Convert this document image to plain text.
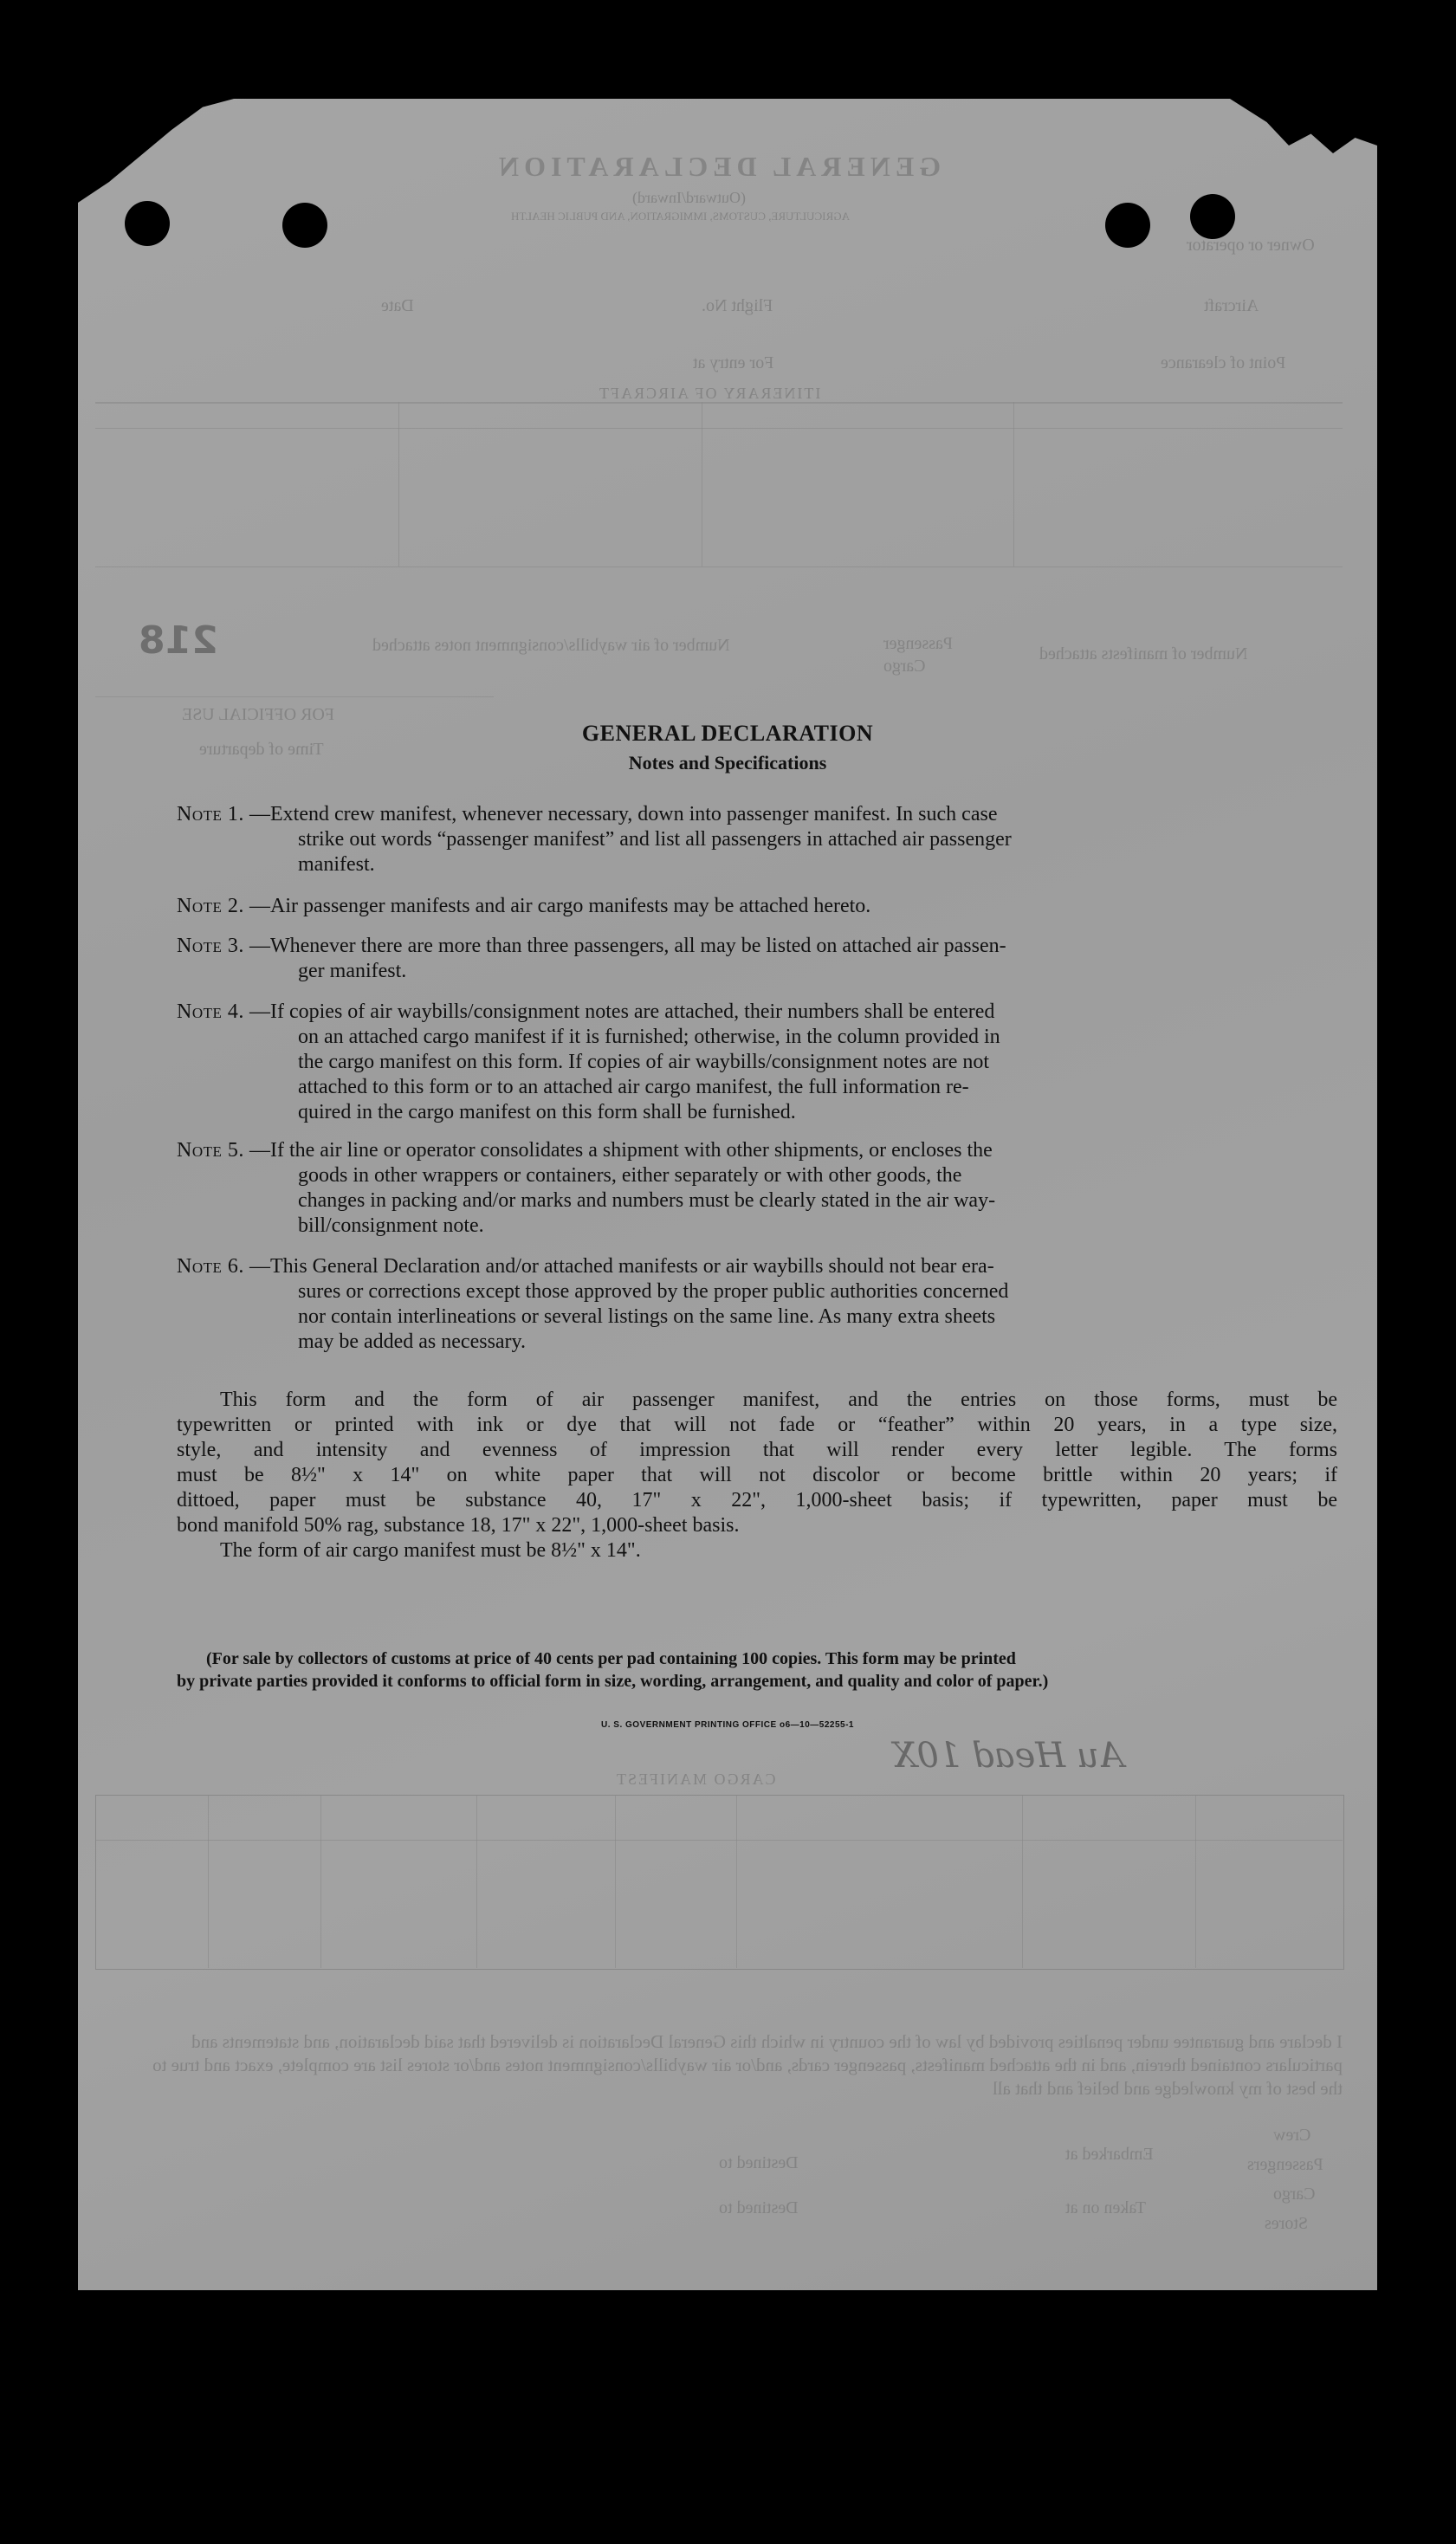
GENERAL DECLARATION
(Outward/Inward)
AGRICULTURE, CUSTOMS, IMMIGRATION, AND PUBLIC HEALTH
Owner or operator
Aircraft
Flight No.
Date
Point of clearance
For entry at
ITINERARY OF AIRCRAFT
218	Number of manifests attached
Number of air waybills/consignment notes attached	Passenger
Cargo
FOR OFFICIAL USE
Time of departure
CARGO MANIFEST
I declare and guarantee under penalties provided by law of the country in which this General Declaration is delivered that said declaration, and statements and particulars contained therein, and in the attached manifests, passenger cards, and/or air waybills/consignment notes and/or stores list are complete, exact and true to the best of my knowledge and belief and that all
Crew
Passengers
Cargo
Stores
Embarked at
Taken on at
Destined to
Destined to
Au Head 10X
GENERAL DECLARATION
Notes and Specifications
Note 1. —Extend crew manifest, whenever necessary, down into passenger manifest. In such case
strike out words “passenger manifest” and list all passengers in attached air passenger
manifest.
Note 2. —Air passenger manifests and air cargo manifests may be attached hereto.
Note 3. —Whenever there are more than three passengers, all may be listed on attached air passen-
ger manifest.
Note 4. —If copies of air waybills/consignment notes are attached, their numbers shall be entered
on an attached cargo manifest if it is furnished; otherwise, in the column provided in
the cargo manifest on this form. If copies of air waybills/consignment notes are not
attached to this form or to an attached air cargo manifest, the full information re-
quired in the cargo manifest on this form shall be furnished.
Note 5. —If the air line or operator consolidates a shipment with other shipments, or encloses the
goods in other wrappers or containers, either separately or with other goods, the
changes in packing and/or marks and numbers must be clearly stated in the air way-
bill/consignment note.
Note 6. —This General Declaration and/or attached manifests or air waybills should not bear era-
sures or corrections except those approved by the proper public authorities concerned
nor contain interlineations or several listings on the same line. As many extra sheets
may be added as necessary.
This form and the form of air passenger manifest, and the entries on those forms, must be
typewritten or printed with ink or dye that will not fade or “feather” within 20 years, in a type size,
style, and intensity and evenness of impression that will render every letter legible. The forms
must be 8½" x 14" on white paper that will not discolor or become brittle within 20 years; if
dittoed, paper must be substance 40, 17" x 22", 1,000-sheet basis; if typewritten, paper must be
bond manifold 50% rag, substance 18, 17" x 22", 1,000-sheet basis.
The form of air cargo manifest must be 8½" x 14".
(For sale by collectors of customs at price of 40 cents per pad containing 100 copies. This form may be printed
by private parties provided it conforms to official form in size, wording, arrangement, and quality and color of paper.)
U. S. GOVERNMENT PRINTING OFFICE o6—10—52255-1
